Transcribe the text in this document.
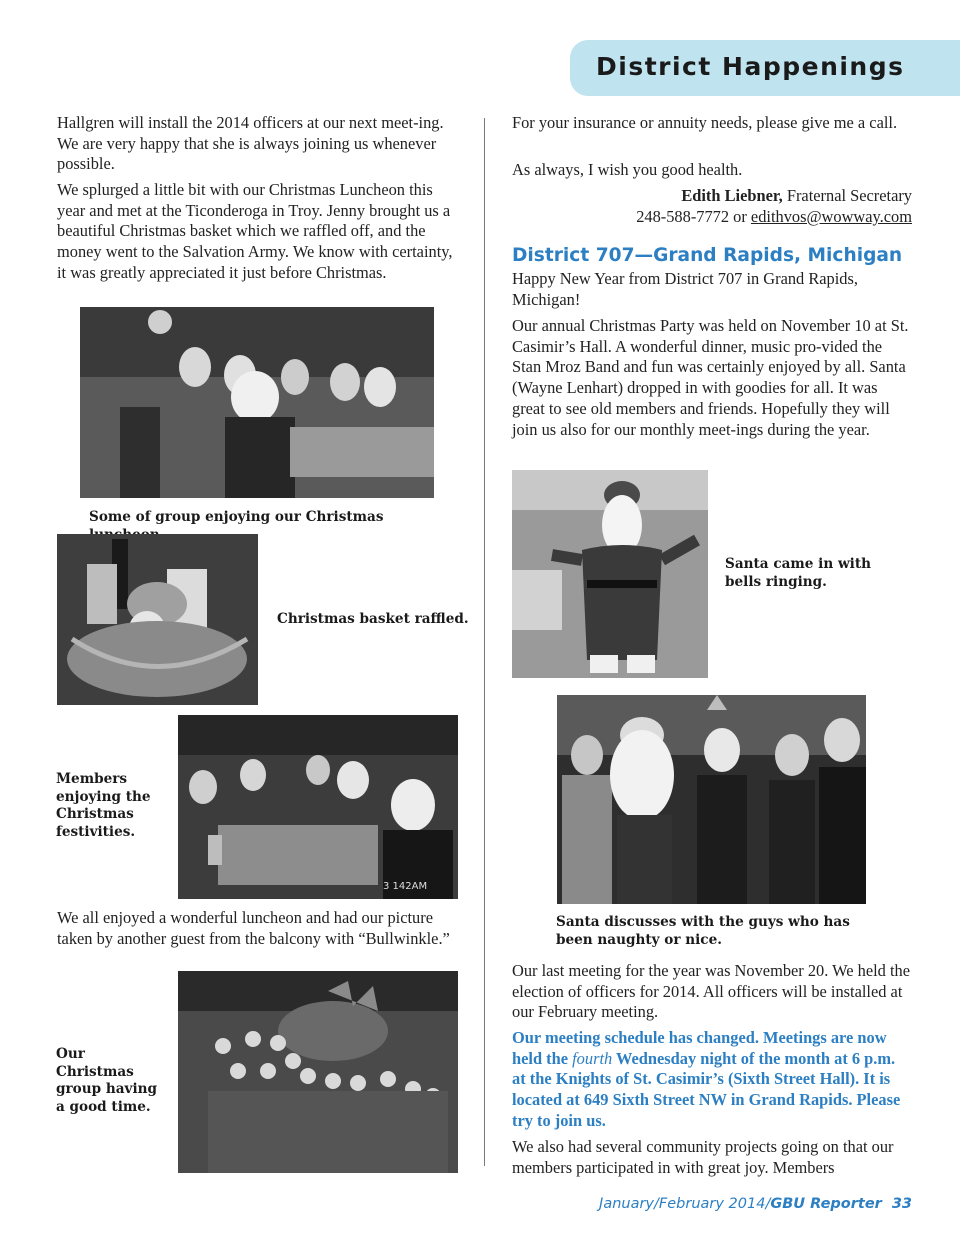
District Happenings

Hallgren will install the 2014 officers at our next meet-ing. We are very happy that she is always joining us whenever possible.

We splurged a little bit with our Christmas Luncheon this year and met at the Ticonderoga in Troy. Jenny brought us a beautiful Christmas basket which we raffled off, and the money went to the Salvation Army. We know with certainty, it was greatly appreciated it just before Christmas.

Some of group enjoying our Christmas

Christmas basket raffled.

3 142AM

Members enjoying the Christmas festivities.

We all enjoyed a wonderful luncheon and had our picture taken by another guest from the balcony with “Bullwinkle.”

Our Christmas group having a good time.

For your insurance or annuity needs, please give me a call.

As always, I wish you good health.

Edith Liebner, Fraternal Secretary

248-588-7772 or edithvos@wowway.com

District 707—Grand Rapids, Michigan

Happy New Year from District 707 in Grand Rapids, Michigan!

Our annual Christmas Party was held on November 10 at St. Casimir’s Hall. A wonderful dinner, music pro-vided the Stan Mroz Band and fun was certainly enjoyed by all. Santa (Wayne Lenhart) dropped in with goodies for all. It was great to see old members and friends. Hopefully they will join us also for our monthly meet-ings during the year.

Santa came in with bells ringing.

Santa discusses with the guys who has been naughty or nice.

Our last meeting for the year was November 20. We held the election of officers for 2014. All officers will be installed at our February meeting.

Our meeting schedule has changed. Meetings are now held the fourth Wednesday night of the month at 6 p.m. at the Knights of St. Casimir’s (Sixth Street Hall). It is located at 649 Sixth Street NW in Grand Rapids. Please try to join us.

We also had several community projects going on that our members participated in with great joy. Members

January/February 2014/GBU Reporter 33
